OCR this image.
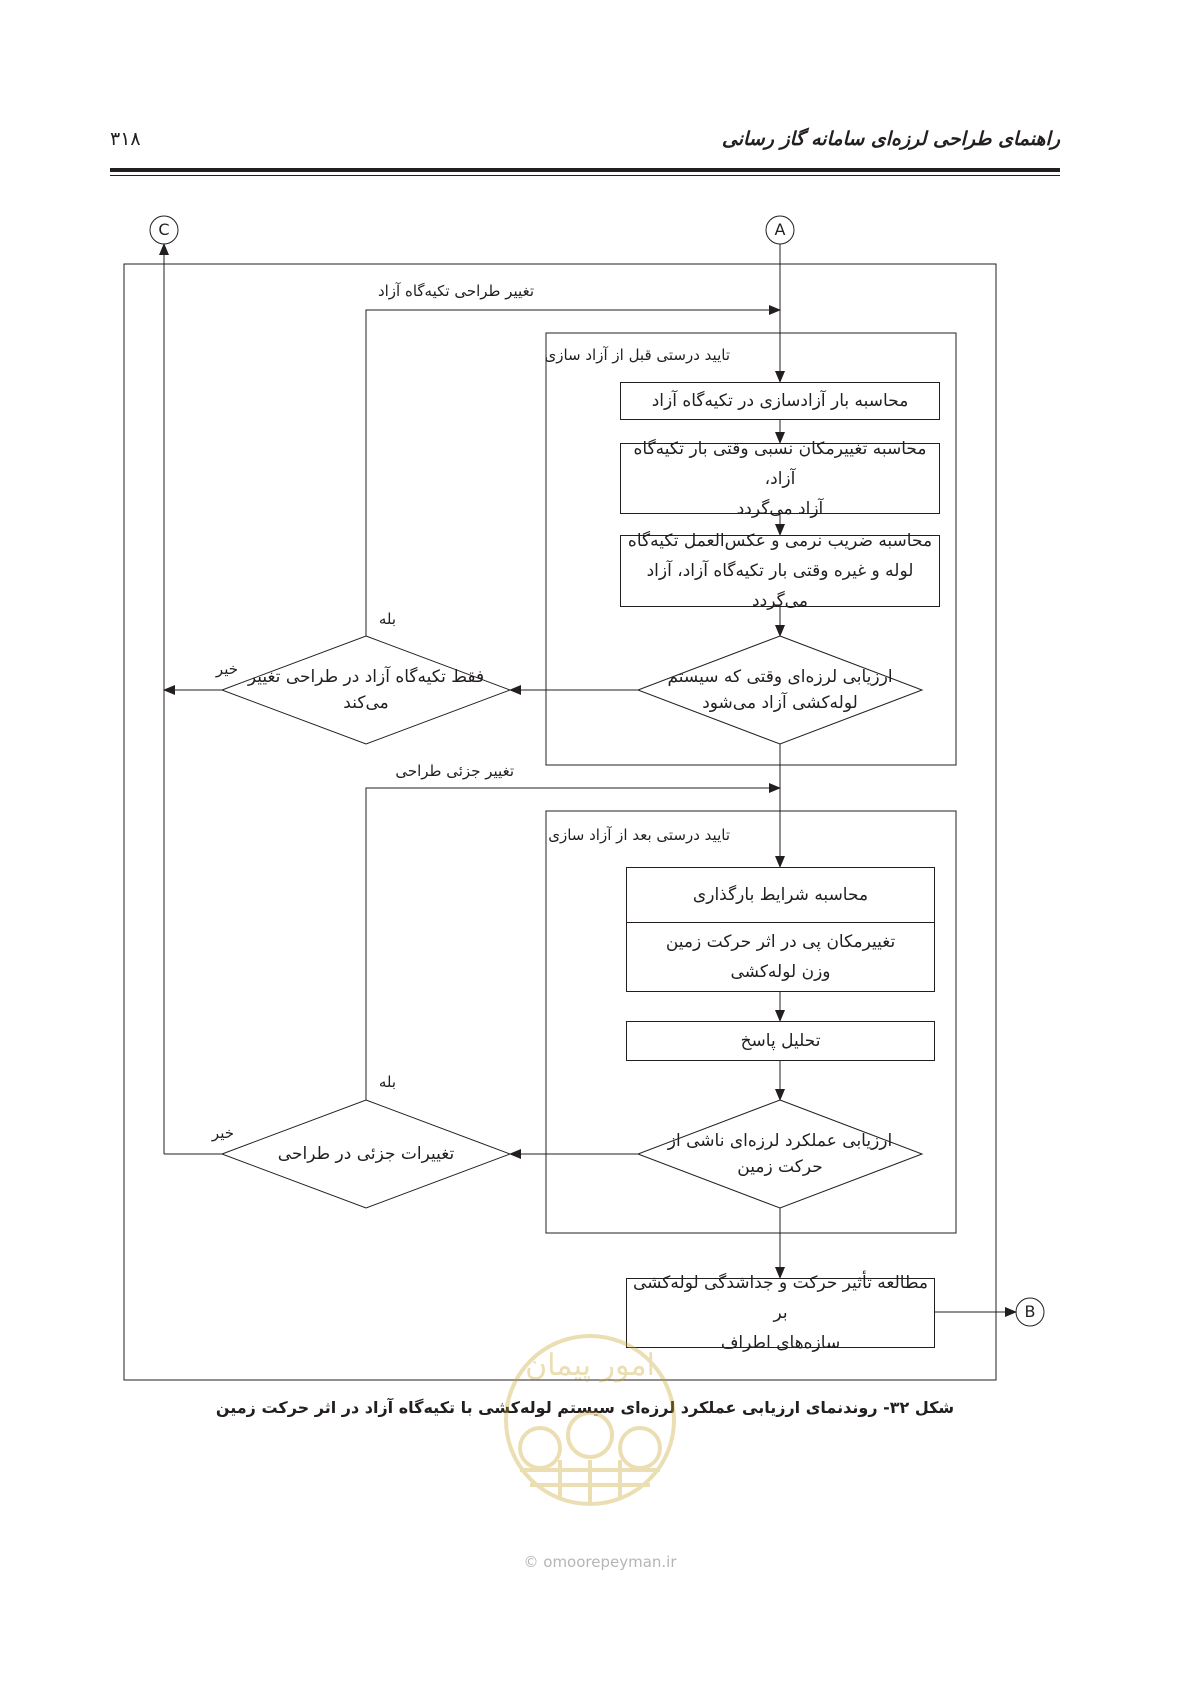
راهنمای طراحی لرزه‌ای سامانه گاز رسانی
۳۱۸
C	A
B
تایید درستی قبل از آزاد سازی
تایید درستی بعد از آزاد سازی
محاسبه بار آزادسازی در تکیه‌گاه آزاد
محاسبه تغییرمکان نسبی وقتی بار تکیه‌گاه آزاد،
آزاد می‌گردد
محاسبه ضریب نرمی و عکس‌العمل تکیه‌گاه
لوله و غیره وقتی بار تکیه‌گاه آزاد، آزاد می‌گردد
محاسبه شرایط بارگذاری
تغییرمکان پی در اثر حرکت زمین
وزن لوله‌کشی
تحلیل پاسخ
مطالعه تأثیر حرکت و جداشدگی لوله‌کشی بر
سازه‌های اطراف
ارزیابی لرزه‌ای وقتی که سیستم
لوله‌کشی آزاد می‌شود
فقط تکیه‌گاه آزاد در طراحی تغییر
می‌کند
ارزیابی عملکرد لرزه‌ای ناشی از
حرکت زمین
تغییرات جزئی در طراحی
تغییر طراحی تکیه‌گاه آزاد
تغییر جزئی طراحی
بله
بله
خیر
خیر
شکل ۳۲- روندنمای ارزیابی عملکرد لرزه‌ای سیستم لوله‌کشی با تکیه‌گاه آزاد در اثر حرکت زمین
امور پیمان
© omoorepeyman.ir
